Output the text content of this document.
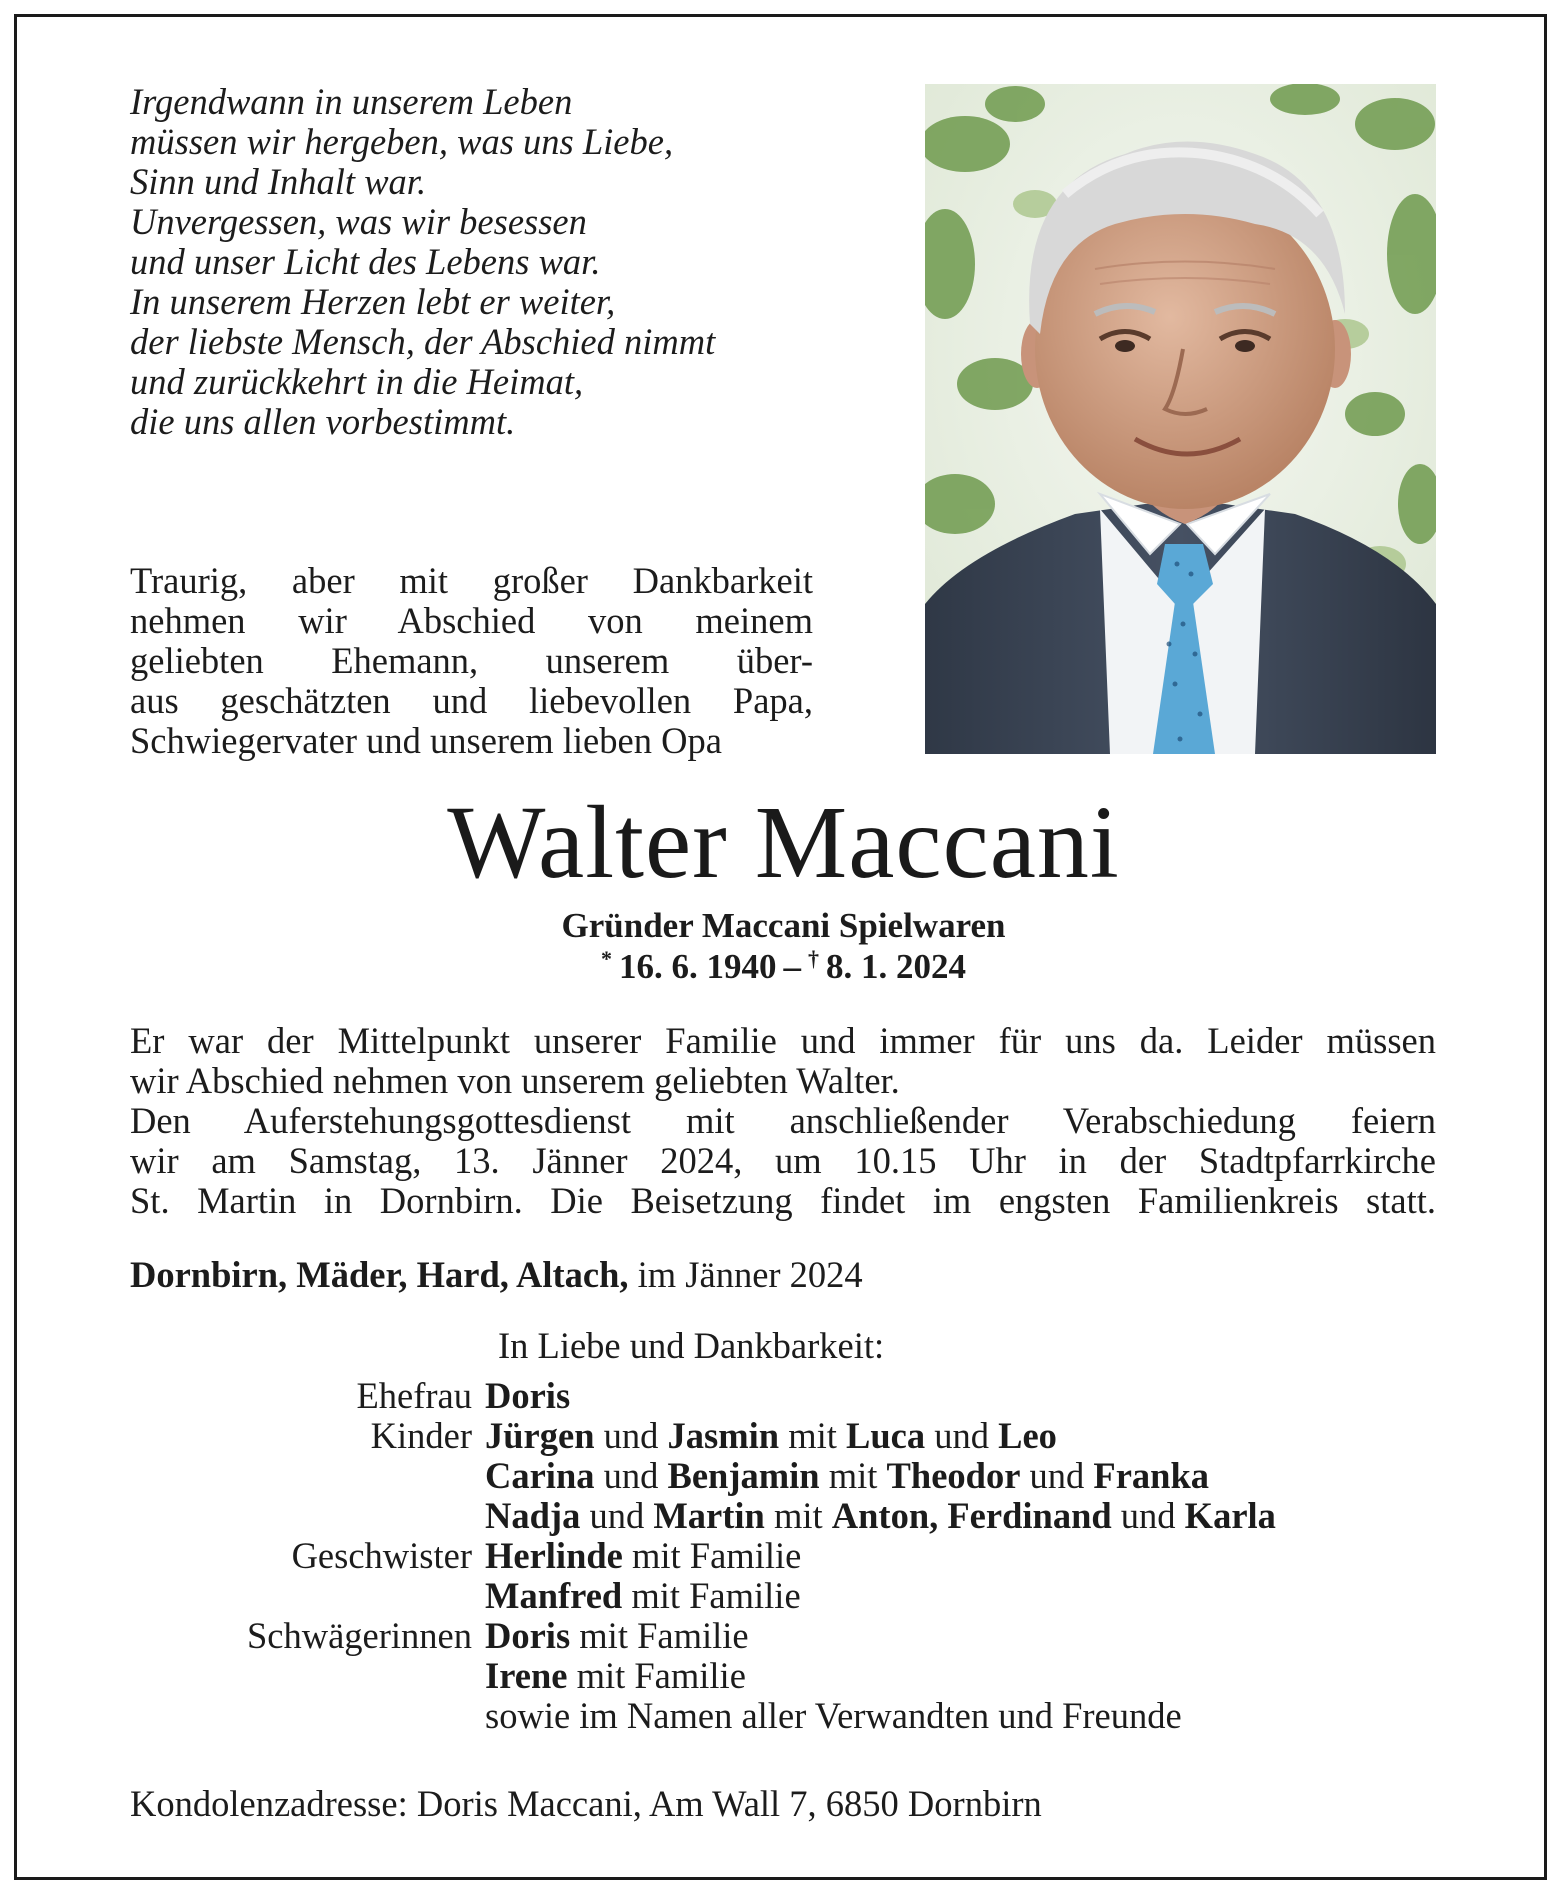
Irgendwann in unserem Leben
müssen wir hergeben, was uns Liebe,
Sinn und Inhalt war.
Unvergessen, was wir besessen
und unser Licht des Lebens war.
In unserem Herzen lebt er weiter,
der liebste Mensch, der Abschied nimmt
und zurückkehrt in die Heimat,
die uns allen vorbestimmt.
Traurig, aber mit großer Dankbarkeit
nehmen wir Abschied von meinem
geliebten Ehemann, unserem über-
aus geschätzten und liebevollen Papa,
Schwiegervater und unserem lieben Opa
Walter Maccani
Gründer Maccani Spielwaren
*  16. 6. 1940  –  †  8. 1. 2024
Er war der Mittelpunkt unserer Familie und immer für uns da. Leider müssen
wir Abschied nehmen von unserem geliebten Walter.
Den Auferstehungsgottesdienst mit anschließender Verabschiedung feiern
wir am Samstag, 13. Jänner 2024, um 10.15 Uhr in der Stadtpfarrkirche
St. Martin in Dornbirn. Die Beisetzung findet im engsten Familienkreis statt.
Dornbirn, Mäder, Hard, Altach, im Jänner 2024
In Liebe und Dankbarkeit:
Ehefrau Doris
Kinder Jürgen und Jasmin mit Luca und Leo
Carina und Benjamin mit Theodor und Franka
Nadja und Martin mit Anton, Ferdinand und Karla
Geschwister Herlinde mit Familie
Manfred mit Familie
Schwägerinnen Doris mit Familie
Irene mit Familie
sowie im Namen aller Verwandten und Freunde
Kondolenzadresse: Doris Maccani, Am Wall 7, 6850 Dornbirn
